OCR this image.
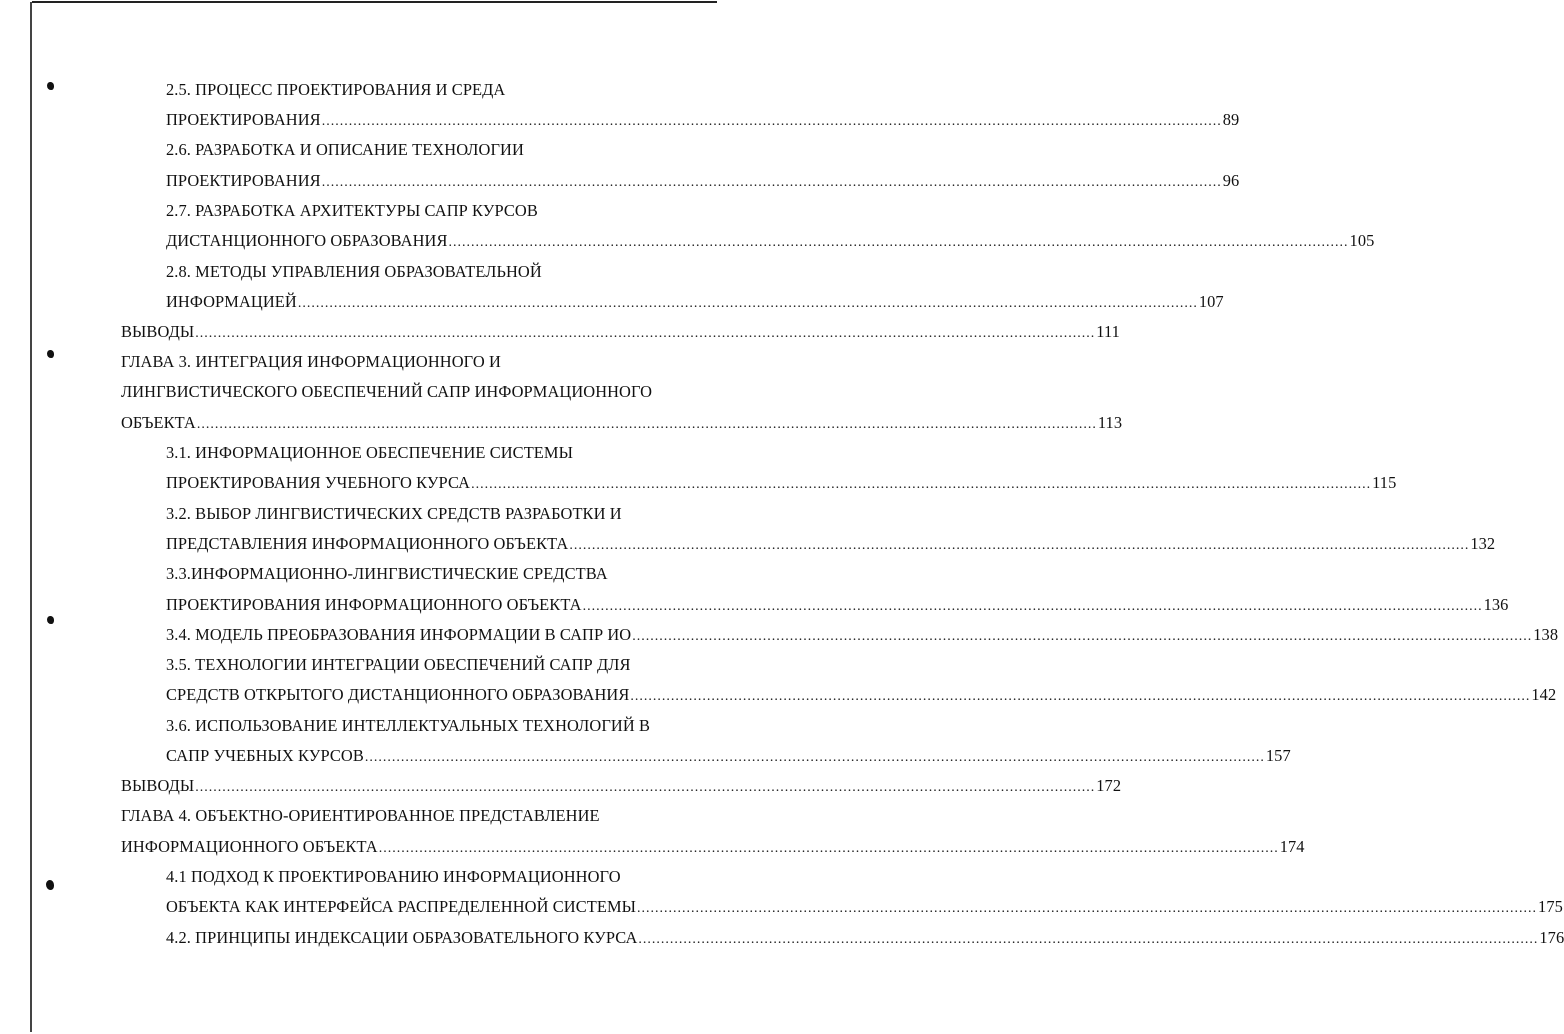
2.5. ПРОЦЕСС ПРОЕКТИРОВАНИЯ И СРЕДА
ПРОЕКТИРОВАНИЯ ........................................................................................................................................................................................................ 89
2.6. РАЗРАБОТКА И ОПИСАНИЕ ТЕХНОЛОГИИ
ПРОЕКТИРОВАНИЯ ........................................................................................................................................................................................................ 96
2.7. РАЗРАБОТКА АРХИТЕКТУРЫ САПР КУРСОВ
ДИСТАНЦИОННОГО ОБРАЗОВАНИЯ ........................................................................................................................................................................................................ 105
2.8. МЕТОДЫ УПРАВЛЕНИЯ ОБРАЗОВАТЕЛЬНОЙ
ИНФОРМАЦИЕЙ ........................................................................................................................................................................................................ 107
ВЫВОДЫ ........................................................................................................................................................................................................ 111
ГЛАВА 3. ИНТЕГРАЦИЯ ИНФОРМАЦИОННОГО И
ЛИНГВИСТИЧЕСКОГО ОБЕСПЕЧЕНИЙ САПР ИНФОРМАЦИОННОГО
ОБЪЕКТА ........................................................................................................................................................................................................ 113
3.1. ИНФОРМАЦИОННОЕ ОБЕСПЕЧЕНИЕ СИСТЕМЫ
ПРОЕКТИРОВАНИЯ УЧЕБНОГО КУРСА ........................................................................................................................................................................................................ 115
3.2. ВЫБОР ЛИНГВИСТИЧЕСКИХ СРЕДСТВ РАЗРАБОТКИ И
ПРЕДСТАВЛЕНИЯ ИНФОРМАЦИОННОГО ОБЪЕКТА ........................................................................................................................................................................................................ 132
3.3.ИНФОРМАЦИОННО-ЛИНГВИСТИЧЕСКИЕ СРЕДСТВА
ПРОЕКТИРОВАНИЯ ИНФОРМАЦИОННОГО ОБЪЕКТА ........................................................................................................................................................................................................ 136
3.4. МОДЕЛЬ ПРЕОБРАЗОВАНИЯ ИНФОРМАЦИИ В САПР ИО ........................................................................................................................................................................................................ 138
3.5. ТЕХНОЛОГИИ ИНТЕГРАЦИИ ОБЕСПЕЧЕНИЙ САПР ДЛЯ
СРЕДСТВ ОТКРЫТОГО ДИСТАНЦИОННОГО ОБРАЗОВАНИЯ ........................................................................................................................................................................................................ 142
3.6. ИСПОЛЬЗОВАНИЕ ИНТЕЛЛЕКТУАЛЬНЫХ ТЕХНОЛОГИЙ В
САПР УЧЕБНЫХ КУРСОВ ........................................................................................................................................................................................................ 157
ВЫВОДЫ ........................................................................................................................................................................................................ 172
ГЛАВА 4. ОБЪЕКТНО-ОРИЕНТИРОВАННОЕ ПРЕДСТАВЛЕНИЕ
ИНФОРМАЦИОННОГО ОБЪЕКТА ........................................................................................................................................................................................................ 174
4.1 ПОДХОД К ПРОЕКТИРОВАНИЮ ИНФОРМАЦИОННОГО
ОБЪЕКТА КАК ИНТЕРФЕЙСА РАСПРЕДЕЛЕННОЙ СИСТЕМЫ ........................................................................................................................................................................................................ 175
4.2. ПРИНЦИПЫ ИНДЕКСАЦИИ ОБРАЗОВАТЕЛЬНОГО КУРСА ........................................................................................................................................................................................................ 176
